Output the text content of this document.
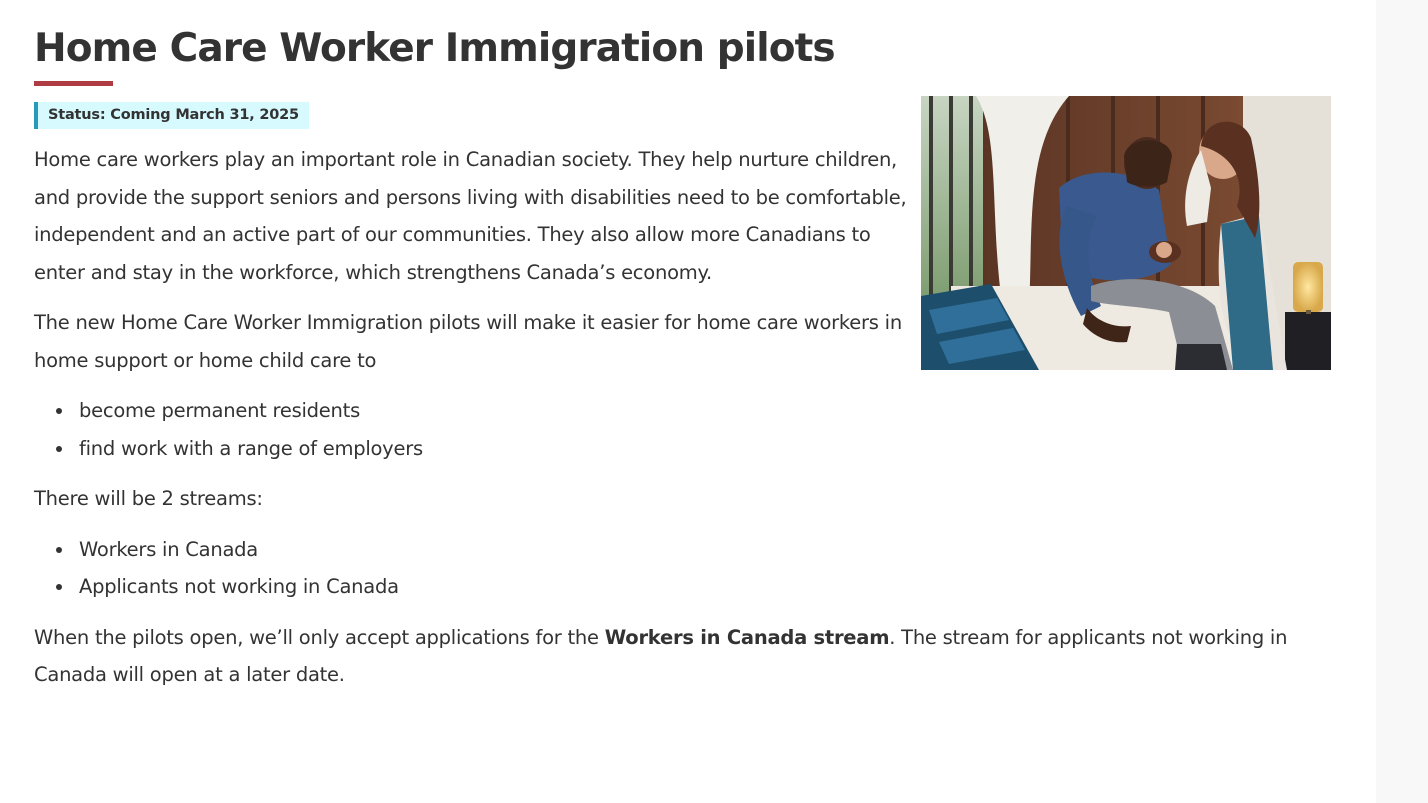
Home Care Worker Immigration pilots
Status: Coming March 31, 2025

Home care workers play an important role in Canadian society. They help nurture children, and provide the support seniors and persons living with disabilities need to be comfortable, independent and an active part of our communities. They also allow more Canadians to enter and stay in the workforce, which strengthens Canada’s economy.

The new Home Care Worker Immigration pilots will make it easier for home care workers in home support or home child care to

become permanent residents
find work with a range of employers

There will be 2 streams:

Workers in Canada
Applicants not working in Canada

When the pilots open, we’ll only accept applications for the Workers in Canada stream. The stream for applicants not working in Canada will open at a later date.
